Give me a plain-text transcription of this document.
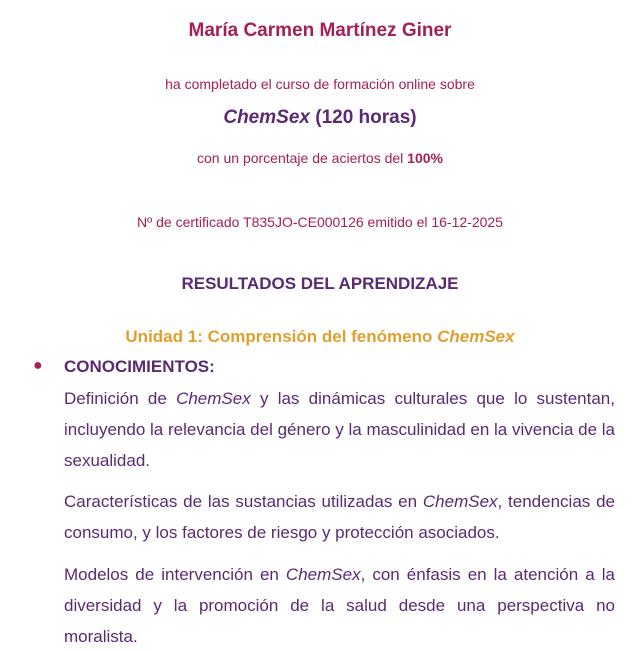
María Carmen Martínez Giner
ha completado el curso de formación online sobre
ChemSex (120 horas)
con un porcentaje de aciertos del 100%
Nº de certificado T835JO-CE000126 emitido el 16-12-2025
RESULTADOS DEL APRENDIZAJE
Unidad 1: Comprensión del fenómeno ChemSex
● CONOCIMIENTOS:

Definición de ChemSex y las dinámicas culturales que lo sustentan, incluyendo la relevancia del género y la masculinidad en la vivencia de la sexualidad.

Características de las sustancias utilizadas en ChemSex, tendencias de consumo, y los factores de riesgo y protección asociados.

Modelos de intervención en ChemSex, con énfasis en la atención a la diversidad y la promoción de la salud desde una perspectiva no moralista.
